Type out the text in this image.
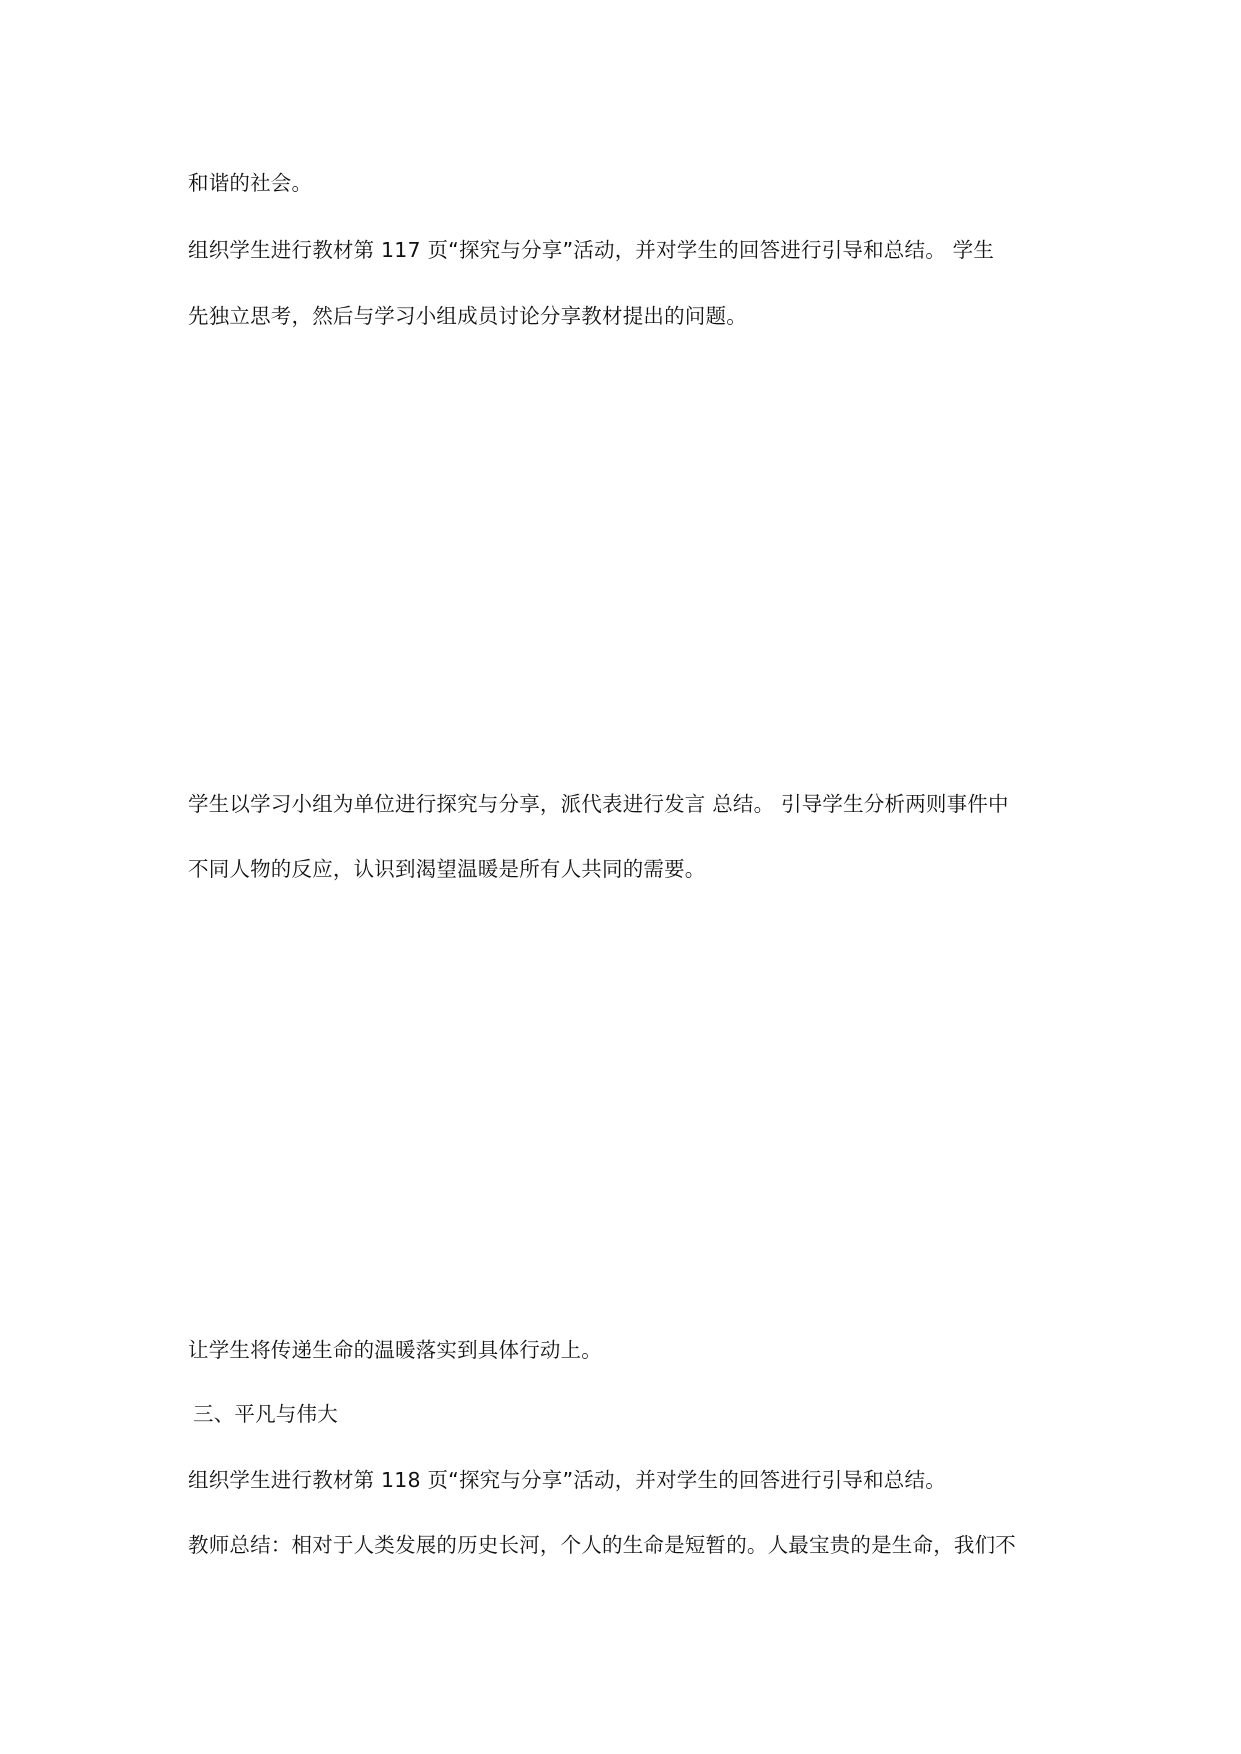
和谐的社会。
组织学生进行教材第 117 页“探究与分享”活动，并对学生的回答进行引导和总结。 学生
先独立思考，然后与学习小组成员讨论分享教材提出的问题。
学生以学习小组为单位进行探究与分享，派代表进行发言 总结。 引导学生分析两则事件中
不同人物的反应，认识到渴望温暖是所有人共同的需要。
让学生将传递生命的温暖落实到具体行动上。
三、平凡与伟大
组织学生进行教材第 118 页“探究与分享”活动，并对学生的回答进行引导和总结。
教师总结：相对于人类发展的历史长河，个人的生命是短暂的。人最宝贵的是生命，我们不
